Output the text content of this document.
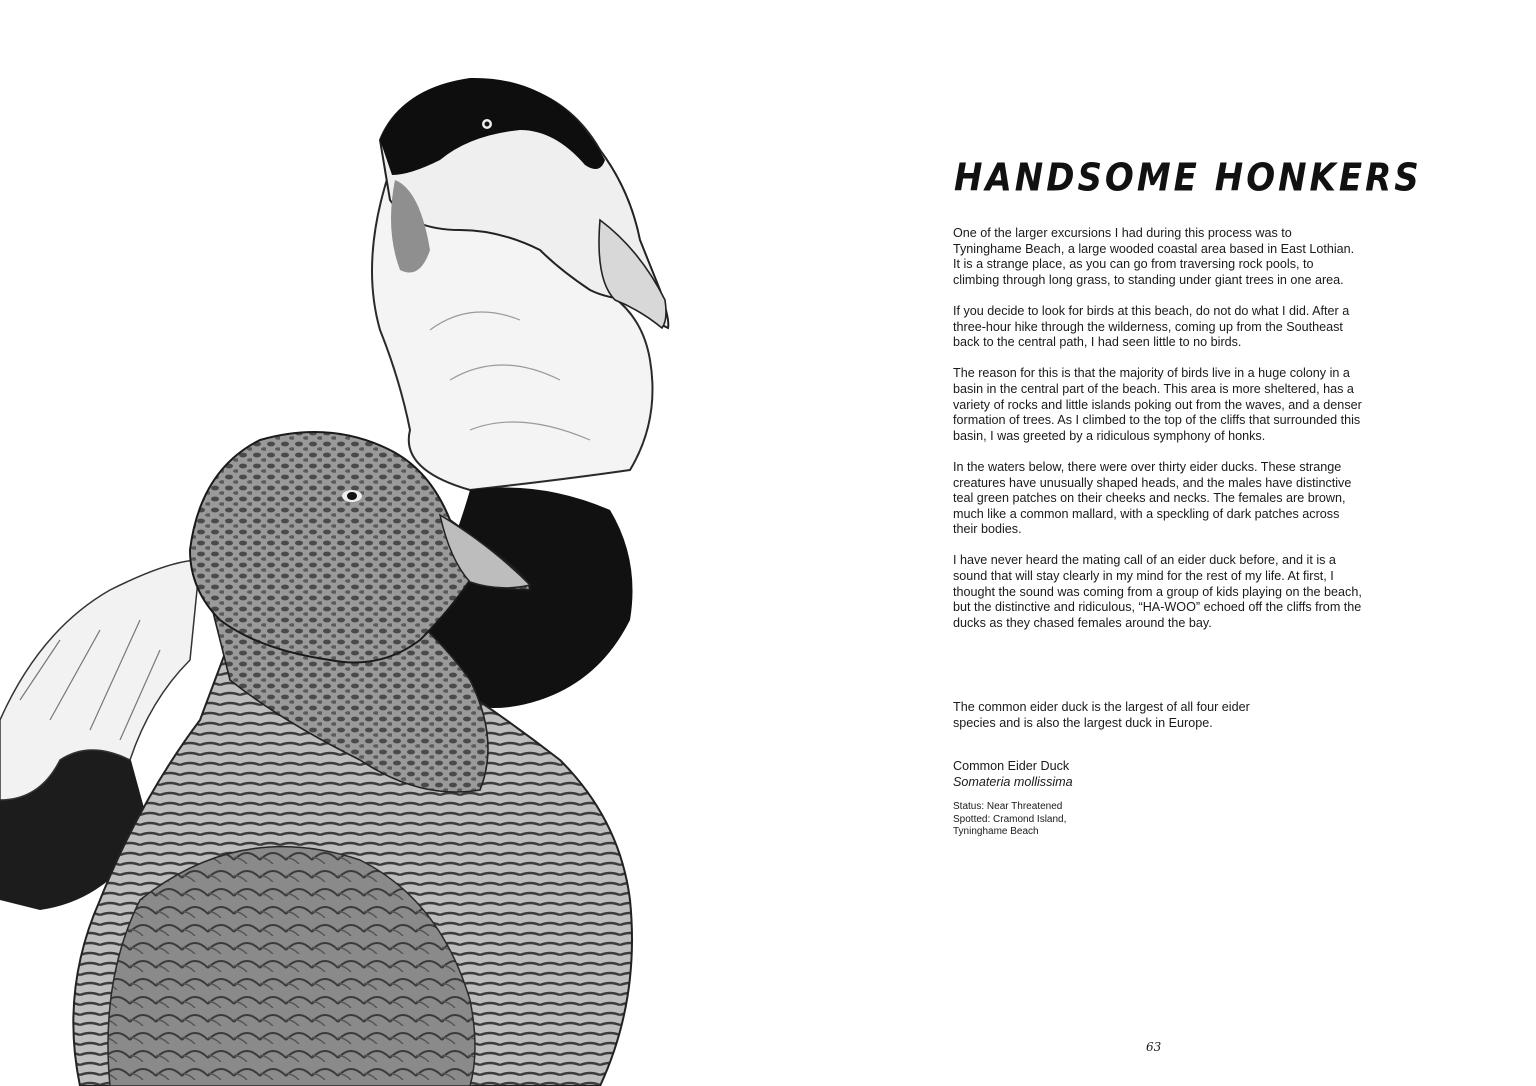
HANDSOME HONKERS

One of the larger excursions I had during this process was to Tyninghame Beach, a large wooded coastal area based in East Lothian. It is a strange place, as you can go from traversing rock pools, to climbing through long grass, to standing under giant trees in one area.

If you decide to look for birds at this beach, do not do what I did. After a three-hour hike through the wilderness, coming up from the Southeast back to the central path, I had seen little to no birds.

The reason for this is that the majority of birds live in a huge colony in a basin in the central part of the beach. This area is more sheltered, has a variety of rocks and little islands poking out from the waves, and a denser formation of trees. As I climbed to the top of the cliffs that surrounded this basin, I was greeted by a ridiculous symphony of honks.

In the waters below, there were over thirty eider ducks. These strange creatures have unusually shaped heads, and the males have distinctive teal green patches on their cheeks and necks. The females are brown, much like a common mallard, with a speckling of dark patches across their bodies.

I have never heard the mating call of an eider duck before, and it is a sound that will stay clearly in my mind for the rest of my life. At first, I thought the sound was coming from a group of kids playing on the beach, but the distinctive and ridiculous, “HA-WOO” echoed off the cliffs from the ducks as they chased females around the bay.

The common eider duck is the largest of all four eider species and is also the largest duck in Europe.

Common Eider Duck
Somateria mollissima
Status: Near Threatened
Spotted: Cramond Island, Tyninghame Beach
63
